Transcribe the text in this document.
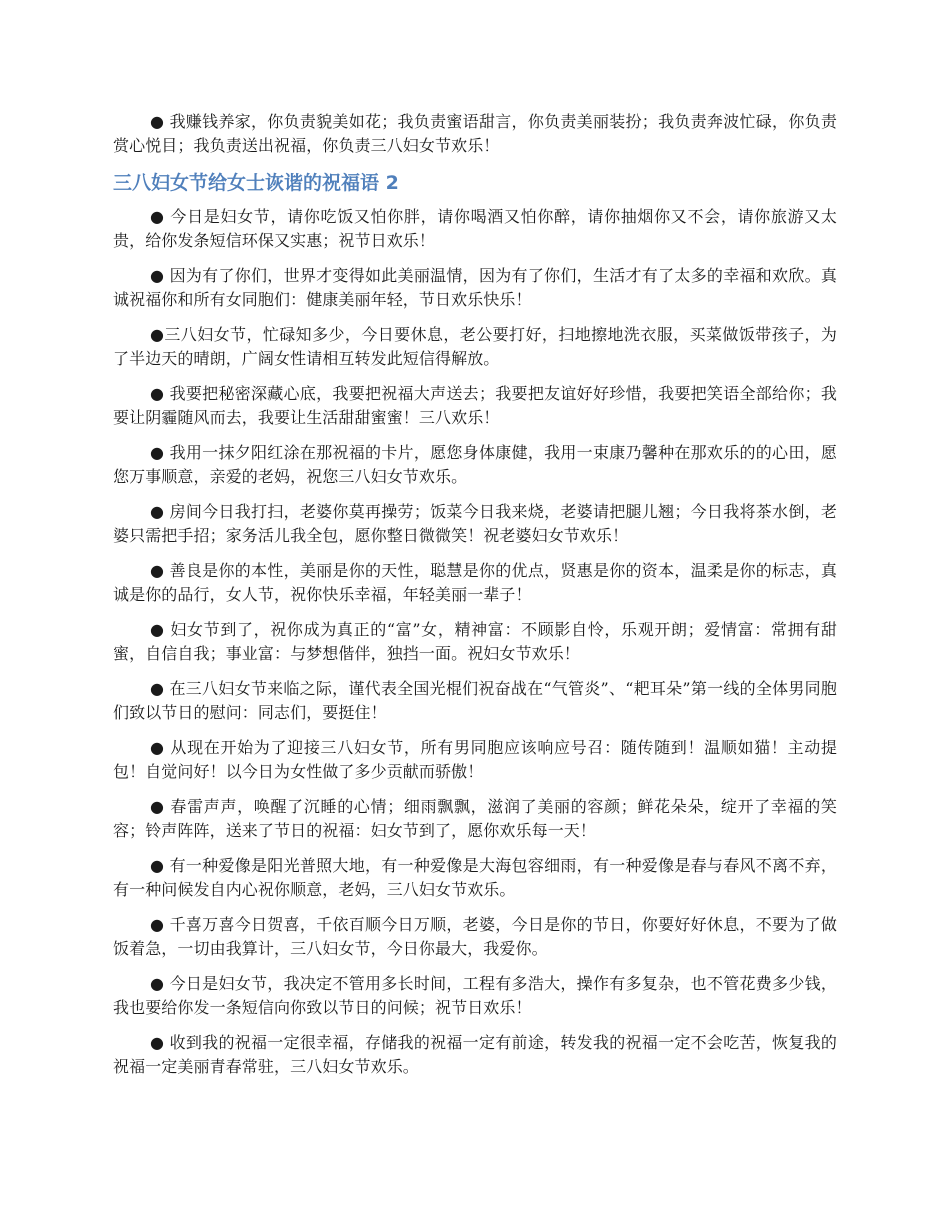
● 我赚钱养家，你负责貌美如花；我负责蜜语甜言，你负责美丽装扮；我负责奔波忙碌，你负责赏心悦目；我负责送出祝福，你负责三八妇女节欢乐！

三八妇女节给女士诙谐的祝福语 2

● 今日是妇女节，请你吃饭又怕你胖，请你喝酒又怕你醉，请你抽烟你又不会，请你旅游又太贵，给你发条短信环保又实惠；祝节日欢乐！

● 因为有了你们，世界才变得如此美丽温情，因为有了你们，生活才有了太多的幸福和欢欣。真诚祝福你和所有女同胞们：健康美丽年轻，节日欢乐快乐！

●三八妇女节，忙碌知多少，今日要休息，老公要打好，扫地擦地洗衣服，买菜做饭带孩子，为了半边天的晴朗，广阔女性请相互转发此短信得解放。

● 我要把秘密深藏心底，我要把祝福大声送去；我要把友谊好好珍惜，我要把笑语全部给你；我要让阴霾随风而去，我要让生活甜甜蜜蜜！三八欢乐！

● 我用一抹夕阳红涂在那祝福的卡片，愿您身体康健，我用一束康乃馨种在那欢乐的的心田，愿您万事顺意，亲爱的老妈，祝您三八妇女节欢乐。

● 房间今日我打扫，老婆你莫再操劳；饭菜今日我来烧，老婆请把腿儿翘；今日我将茶水倒，老婆只需把手招；家务活儿我全包，愿你整日微微笑！祝老婆妇女节欢乐！

● 善良是你的本性，美丽是你的天性，聪慧是你的优点，贤惠是你的资本，温柔是你的标志，真诚是你的品行，女人节，祝你快乐幸福，年轻美丽一辈子！

● 妇女节到了，祝你成为真正的“富”女，精神富：不顾影自怜，乐观开朗；爱情富：常拥有甜蜜，自信自我；事业富：与梦想偕伴，独挡一面。祝妇女节欢乐！

● 在三八妇女节来临之际，谨代表全国光棍们祝奋战在“气管炎”、“耙耳朵”第一线的全体男同胞们致以节日的慰问：同志们，要挺住！

● 从现在开始为了迎接三八妇女节，所有男同胞应该响应号召：随传随到！温顺如猫！主动提包！自觉问好！以今日为女性做了多少贡献而骄傲！

● 春雷声声，唤醒了沉睡的心情；细雨飘飘，滋润了美丽的容颜；鲜花朵朵，绽开了幸福的笑容；铃声阵阵，送来了节日的祝福：妇女节到了，愿你欢乐每一天！

● 有一种爱像是阳光普照大地，有一种爱像是大海包容细雨，有一种爱像是春与春风不离不弃，有一种问候发自内心祝你顺意，老妈，三八妇女节欢乐。

● 千喜万喜今日贺喜，千依百顺今日万顺，老婆，今日是你的节日，你要好好休息，不要为了做饭着急，一切由我算计，三八妇女节，今日你最大，我爱你。

● 今日是妇女节，我决定不管用多长时间，工程有多浩大，操作有多复杂，也不管花费多少钱，我也要给你发一条短信向你致以节日的问候；祝节日欢乐！

● 收到我的祝福一定很幸福，存储我的祝福一定有前途，转发我的祝福一定不会吃苦，恢复我的祝福一定美丽青春常驻，三八妇女节欢乐。
